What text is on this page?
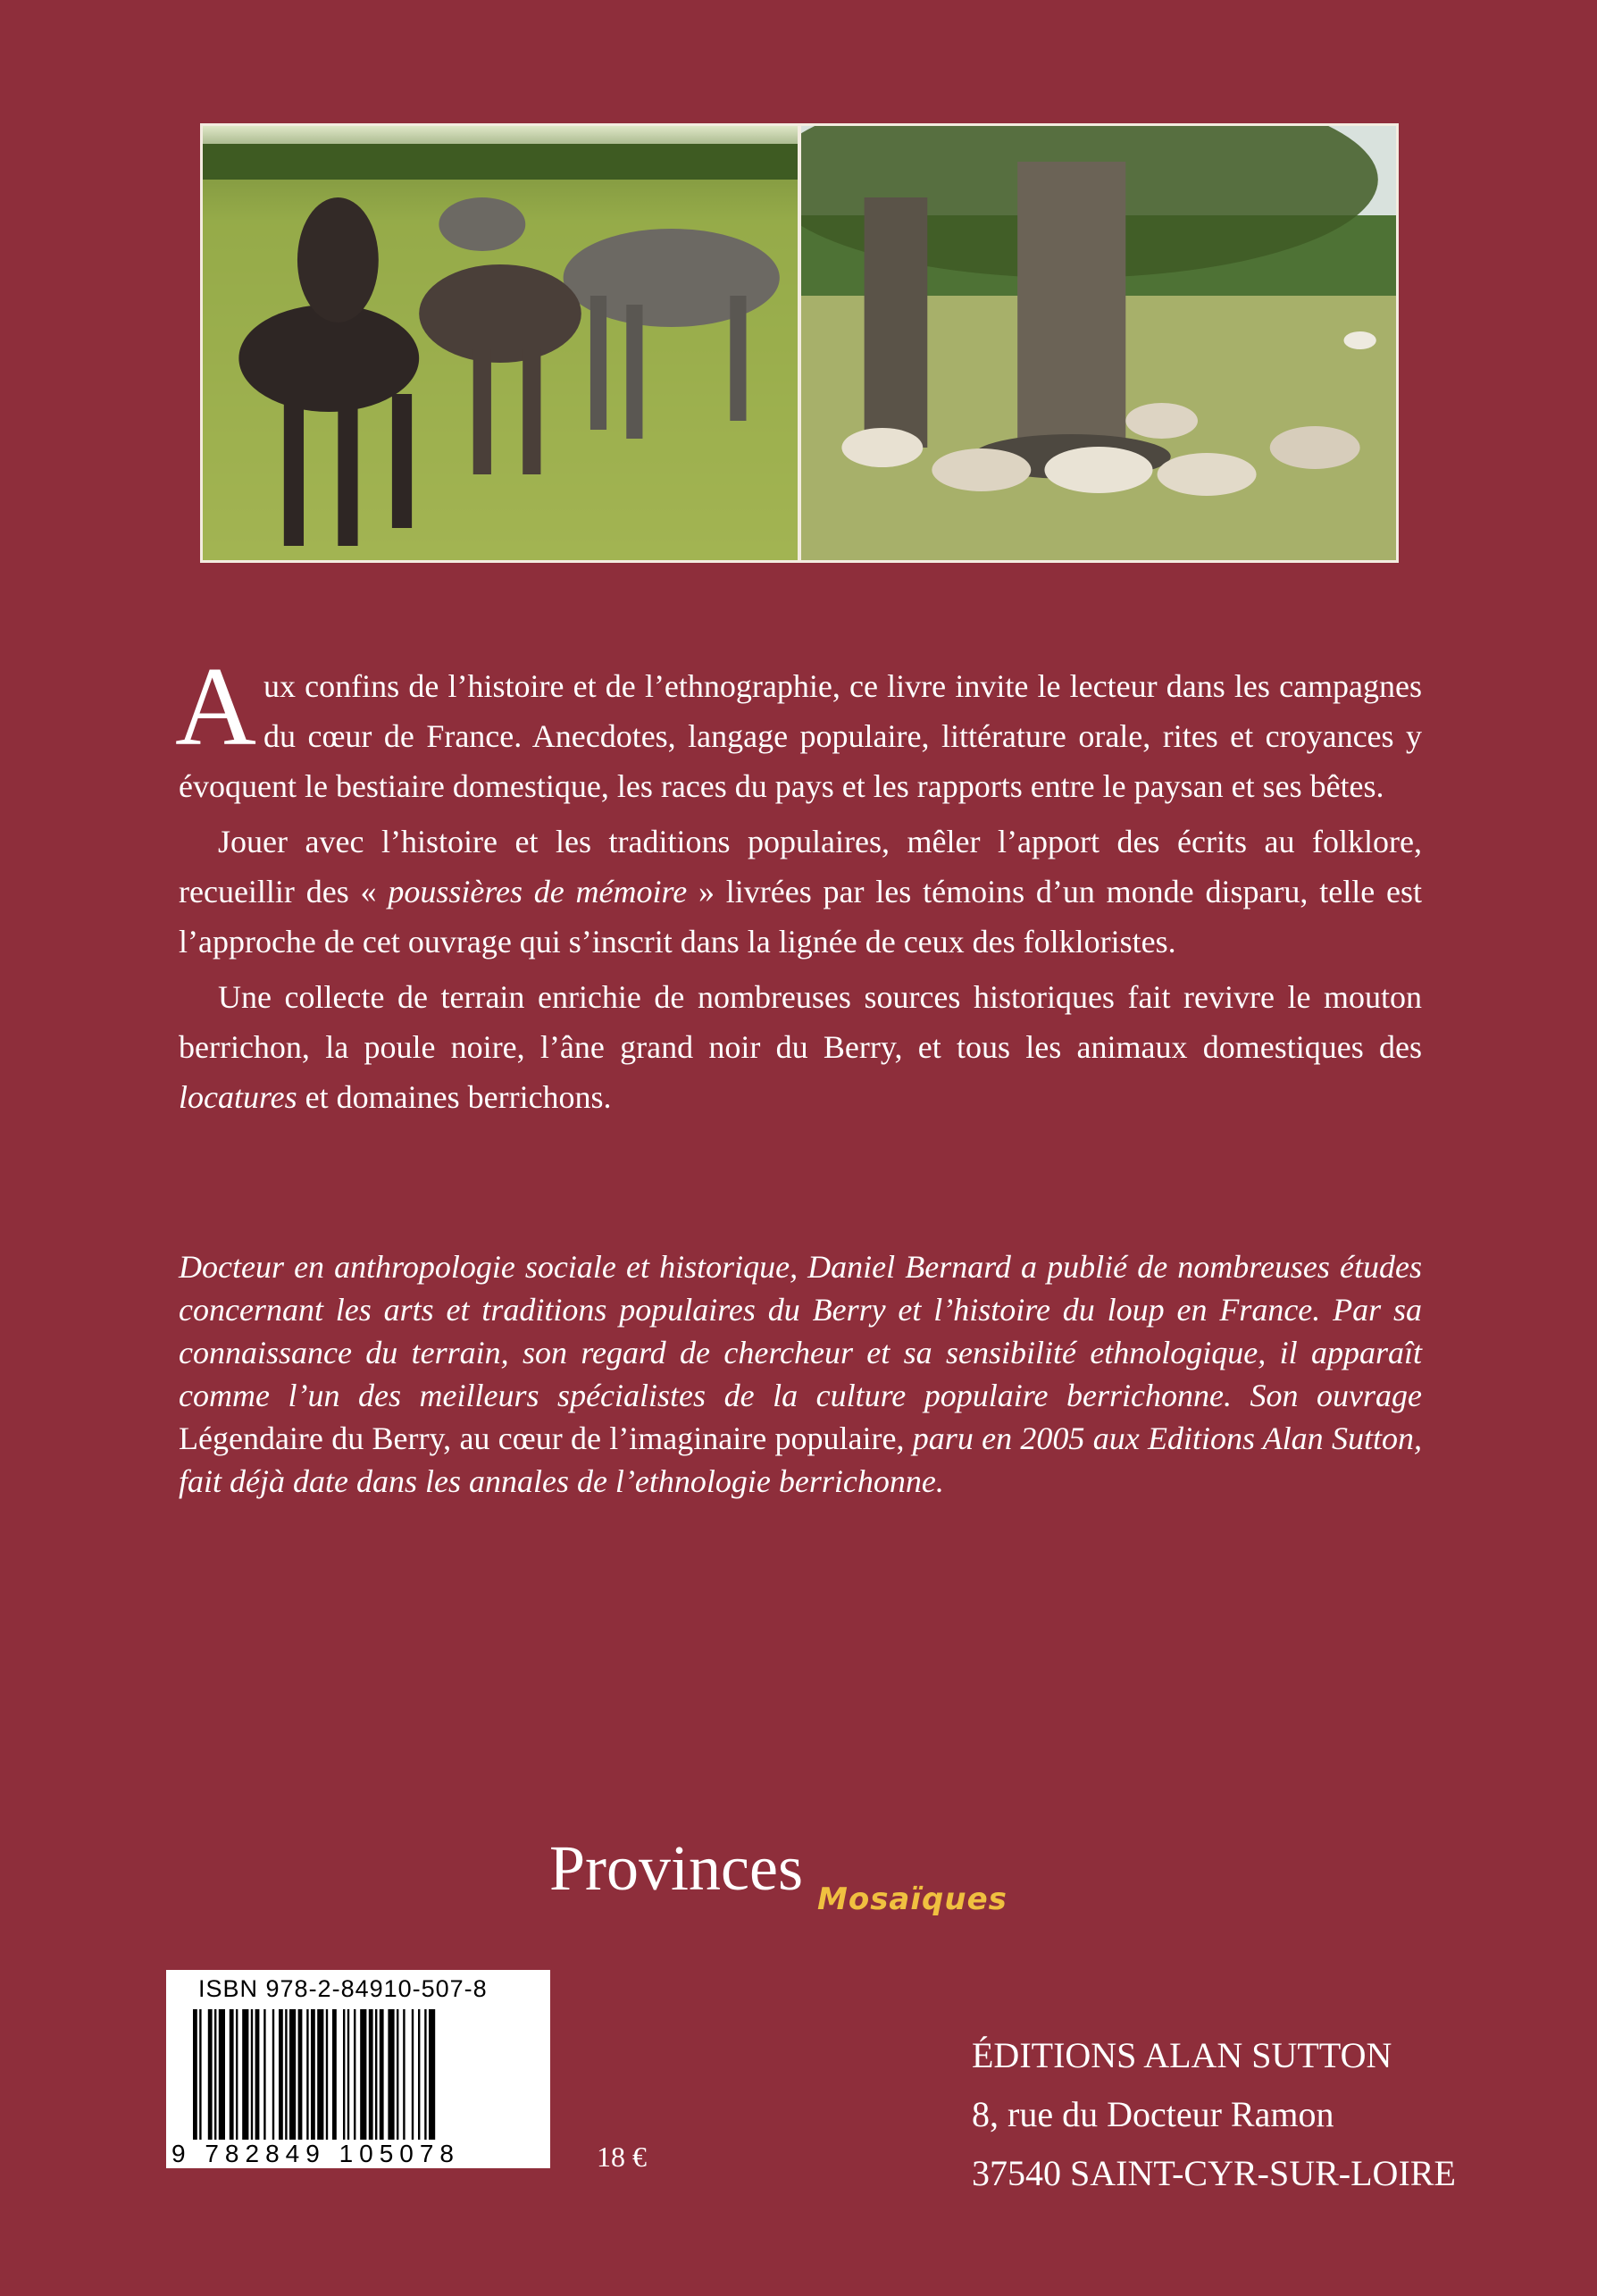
Aux confins de l’histoire et de l’ethnographie, ce livre invite le lecteur dans les campagnes du cœur de France. Anecdotes, langage populaire, littérature orale, rites et croyances y évoquent le bestiaire domestique, les races du pays et les rapports entre le paysan et ses bêtes.

Jouer avec l’histoire et les traditions populaires, mêler l’apport des écrits au folklore, recueillir des « poussières de mémoire » livrées par les témoins d’un monde disparu, telle est l’approche de cet ouvrage qui s’inscrit dans la lignée de ceux des folkloristes.

Une collecte de terrain enrichie de nombreuses sources historiques fait revivre le mouton berrichon, la poule noire, l’âne grand noir du Berry, et tous les animaux domestiques des locatures et domaines berrichons.

Docteur en anthropologie sociale et historique, Daniel Bernard a publié de nombreuses études concernant les arts et traditions populaires du Berry et l’histoire du loup en France. Par sa connaissance du terrain, son regard de chercheur et sa sensibilité ethnologique, il apparaît comme l’un des meilleurs spécialistes de la culture populaire berrichonne. Son ouvrage Légendaire du Berry, au cœur de l’imaginaire populaire, paru en 2005 aux Editions Alan Sutton, fait déjà date dans les annales de l’ethnologie berrichonne.
Provinces Mosaïques
ISBN 978-2-84910-507-8
9 782849 105078	18 €
ÉDITIONS ALAN SUTTON
8, rue du Docteur Ramon
37540 SAINT-CYR-SUR-LOIRE
